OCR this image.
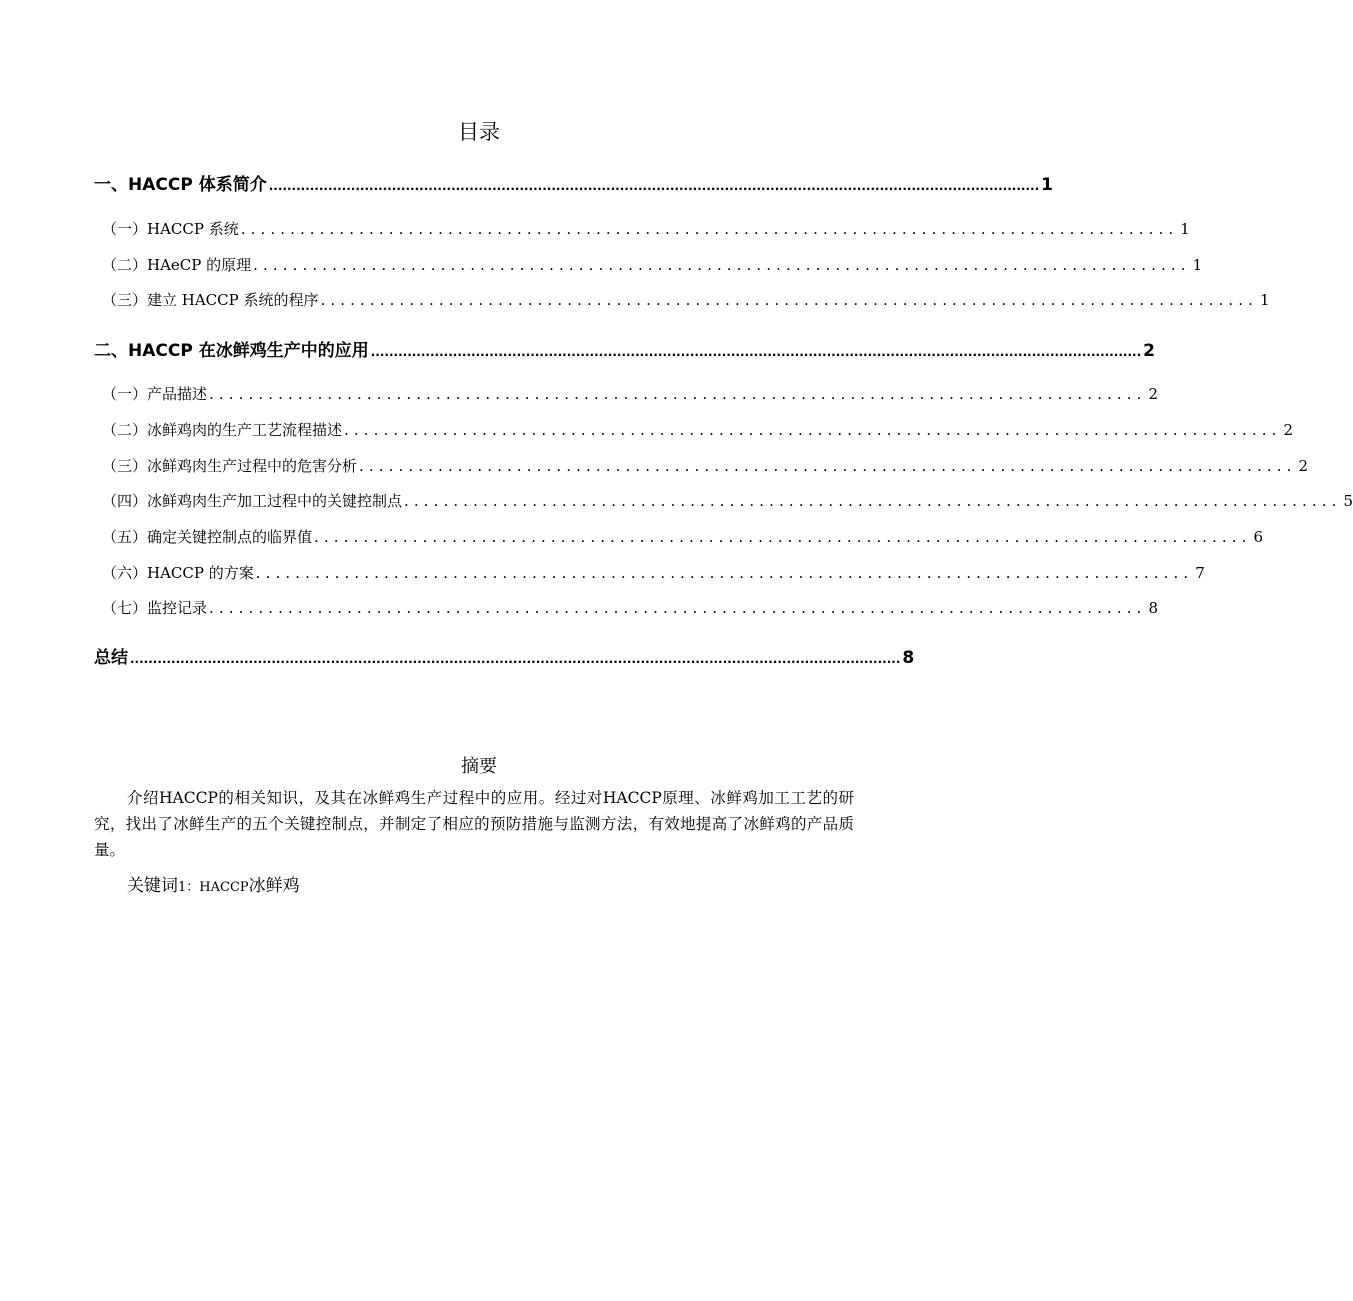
目录
一、HACCP 体系简介 ......................................................................................................................................................................... 1
（一）HACCP 系统 ............................................................................................... 1
（二）HAeCP 的原理 ............................................................................................... 1
（三）建立 HACCP 系统的程序 ............................................................................................... 1
二、HACCP 在冰鲜鸡生产中的应用 ......................................................................................................................................................................... 2
（一）产品描述 ............................................................................................... 2
（二）冰鲜鸡肉的生产工艺流程描述 ............................................................................................... 2
（三）冰鲜鸡肉生产过程中的危害分析 ............................................................................................... 2
（四）冰鲜鸡肉生产加工过程中的关键控制点 ............................................................................................... 5
（五）确定关键控制点的临界值 ............................................................................................... 6
（六）HACCP 的方案 ............................................................................................... 7
（七）监控记录 ............................................................................................... 8
总结 ......................................................................................................................................................................... 8
摘要
介绍HACCP的相关知识，及其在冰鲜鸡生产过程中的应用。经过对HACCP原理、冰鲜鸡加工工艺的研究，找出了冰鲜生产的五个关键控制点，并制定了相应的预防措施与监测方法，有效地提高了冰鲜鸡的产品质量。
关键词1：HACCP冰鲜鸡
